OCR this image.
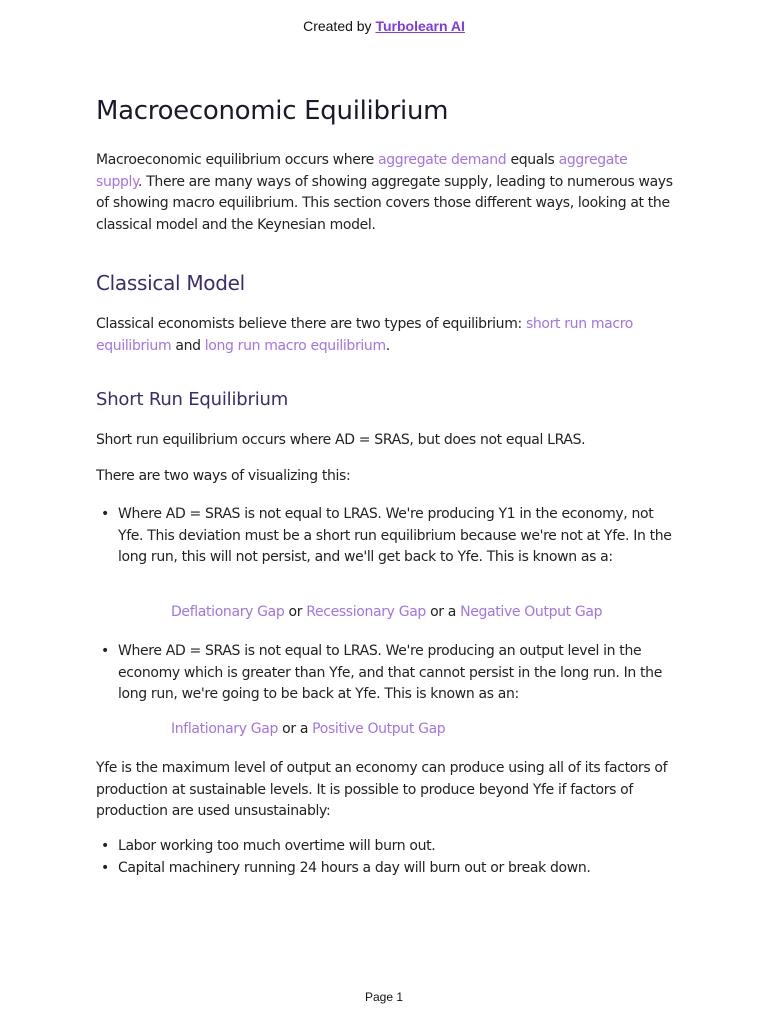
Created by Turbolearn AI
Macroeconomic Equilibrium

Macroeconomic equilibrium occurs where aggregate demand equals aggregate supply. There are many ways of showing aggregate supply, leading to numerous ways of showing macro equilibrium. This section covers those different ways, looking at the classical model and the Keynesian model.

Classical Model

Classical economists believe there are two types of equilibrium: short run macro equilibrium and long run macro equilibrium.

Short Run Equilibrium

Short run equilibrium occurs where AD = SRAS, but does not equal LRAS.

There are two ways of visualizing this:

• Where AD = SRAS is not equal to LRAS. We're producing Y1 in the economy, not Yfe. This deviation must be a short run equilibrium because we're not at Yfe. In the long run, this will not persist, and we'll get back to Yfe. This is known as a:
Deflationary Gap or Recessionary Gap or a Negative Output Gap
• Where AD = SRAS is not equal to LRAS. We're producing an output level in the economy which is greater than Yfe, and that cannot persist in the long run. In the long run, we're going to be back at Yfe. This is known as an:
Inflationary Gap or a Positive Output Gap

Yfe is the maximum level of output an economy can produce using all of its factors of production at sustainable levels. It is possible to produce beyond Yfe if factors of production are used unsustainably:

• Labor working too much overtime will burn out.
• Capital machinery running 24 hours a day will burn out or break down.
Page 1
